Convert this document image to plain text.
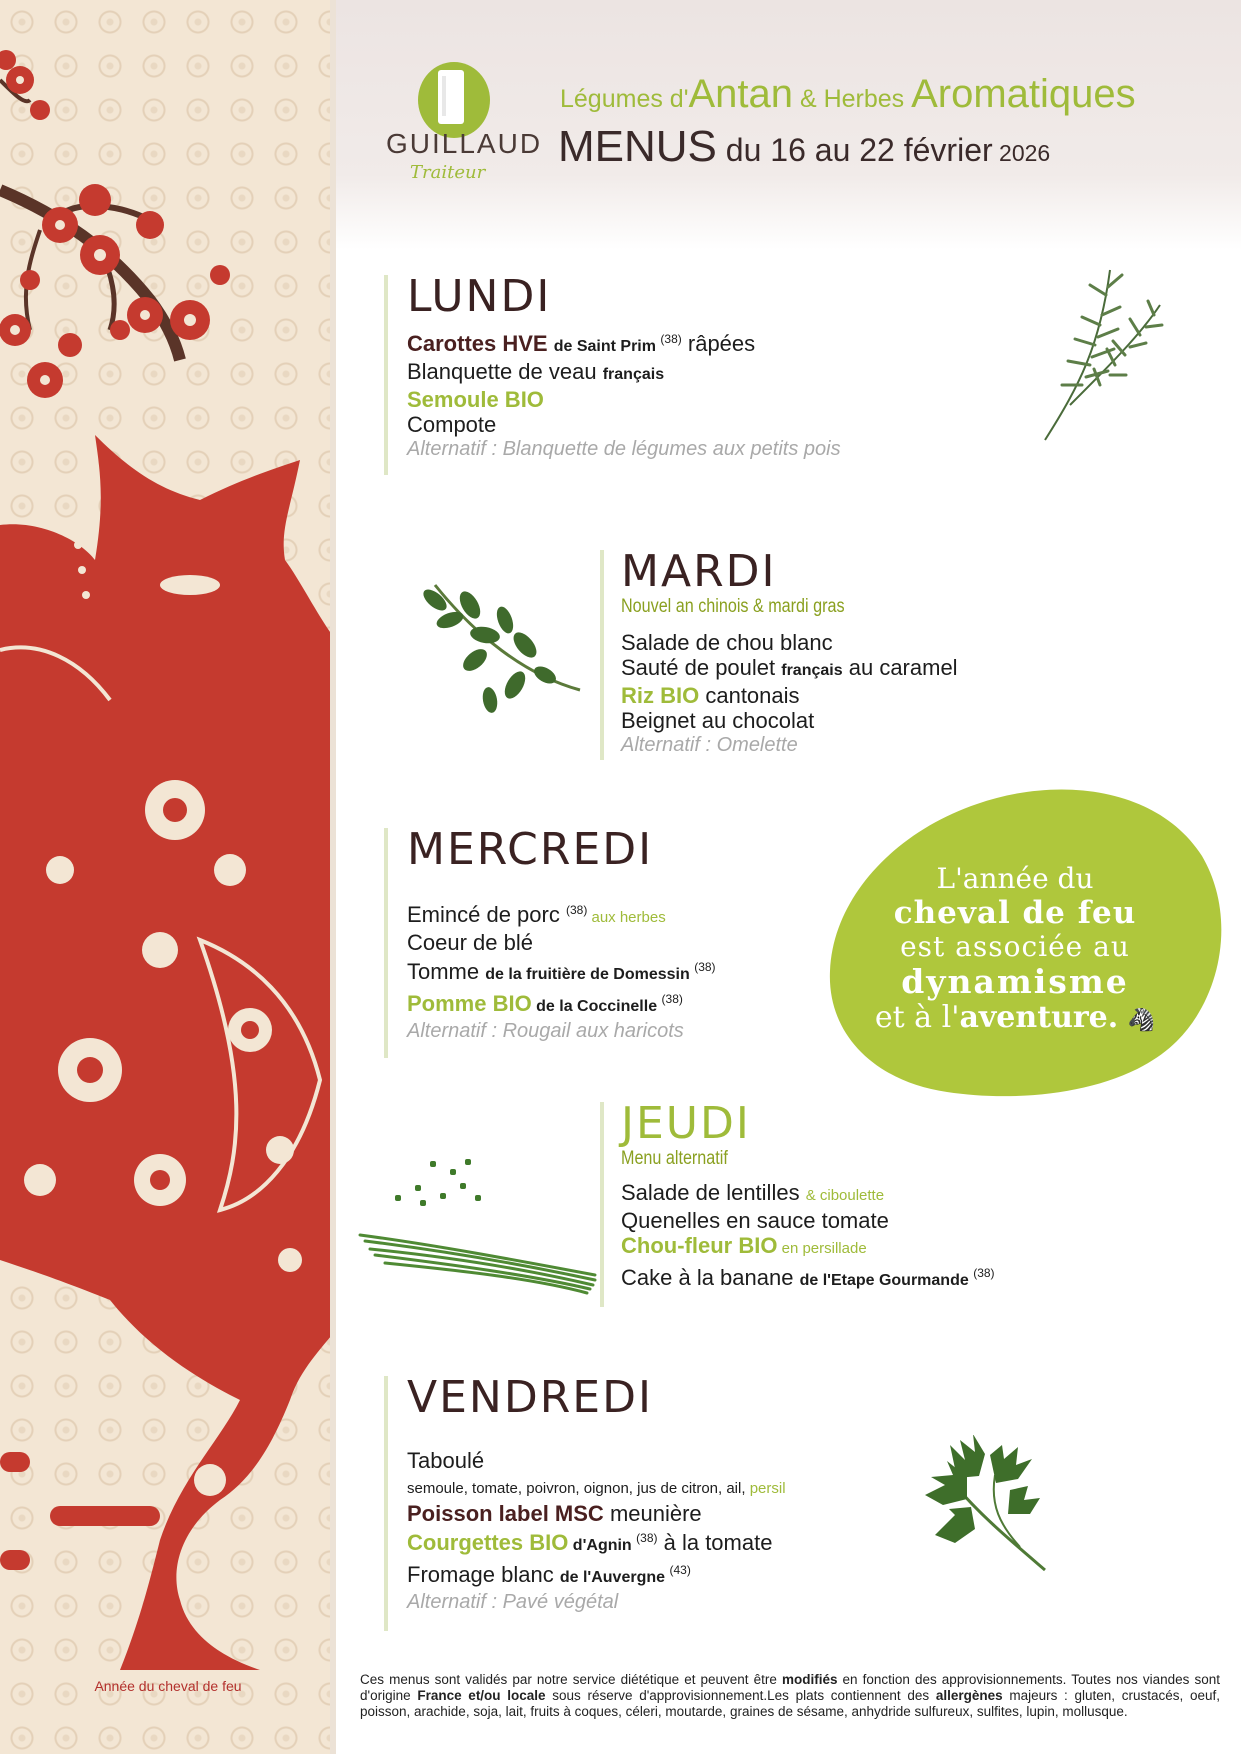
Année du cheval de feu
GUILLAUD
Traiteur
Légumes d'Antan & Herbes Aromatiques
MENUS du 16 au 22 février 2026
LUNDI
Carottes HVE de Saint Prim $^{(38)}$ râpées
Blanquette de veau français
Semoule BIO
Compote
Alternatif : Blanquette de légumes aux petits pois
MARDI
Nouvel an chinois & mardi gras
Salade de chou blanc
Sauté de poulet français au caramel
Riz BIO cantonais
Beignet au chocolat
Alternatif : Omelette
MERCREDI
Emincé de porc $^{(38)}$ aux herbes
Coeur de blé
Tomme de la fruitière de Domessin $^{(38)}$
Pomme BIO de la Coccinelle $^{(38)}$
Alternatif : Rougail aux haricots
JEUDI
Menu alternatif
Salade de lentilles & ciboulette
Quenelles en sauce tomate
Chou-fleur BIO en persillade
Cake à la banane de l'Etape Gourmande $^{(38)}$
VENDREDI
Taboulé
semoule, tomate, poivron, oignon, jus de citron, ail, persil
Poisson label MSC meunière
Courgettes BIO d'Agnin $^{(38)}$ à la tomate
Fromage blanc de l'Auvergne $^{(43)}$
Alternatif : Pavé végétal
L'année du
cheval de feu
est associée au
dynamisme
et à l'aventure. 🦓
Ces menus sont validés par notre service diététique et peuvent être modifiés en fonction des approvisionnements. Toutes nos viandes sont d'origine France et/ou locale sous réserve d'approvisionnement.Les plats contiennent des allergènes majeurs : gluten, crustacés, oeuf, poisson, arachide, soja, lait, fruits à coques, céleri, moutarde, graines de sésame, anhydride sulfureux, sulfites, lupin, mollusque.
